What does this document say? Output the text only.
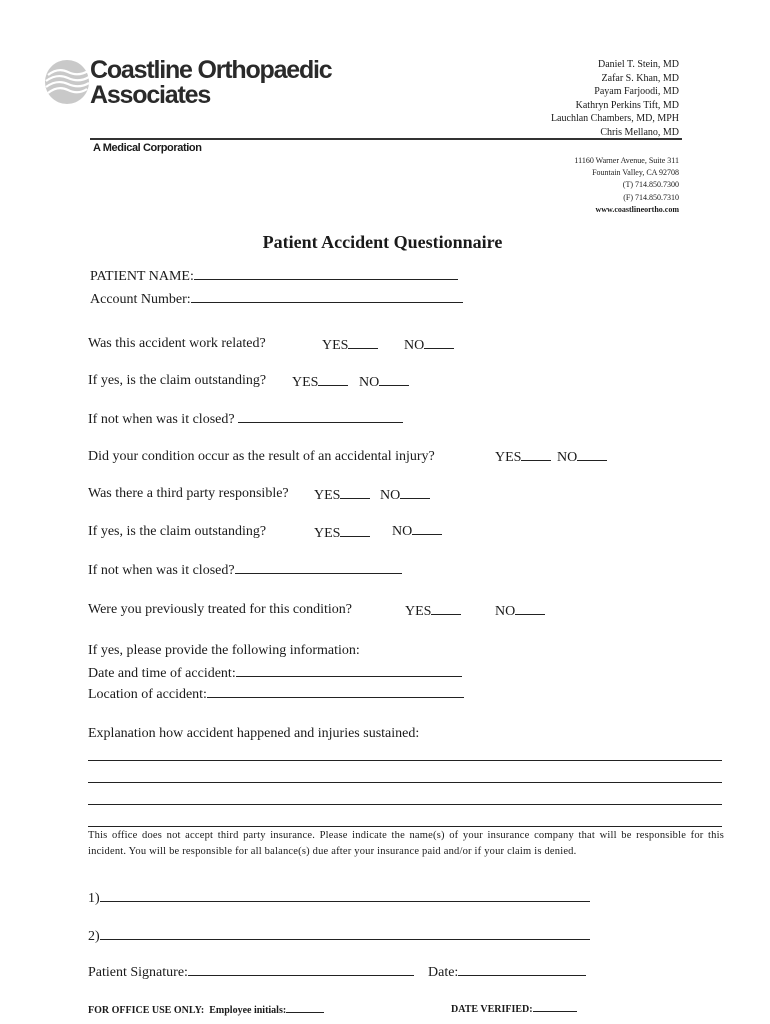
Coastline Orthopaedic
Associates
A Medical Corporation
Daniel T. Stein, MD
Zafar S. Khan, MD
Payam Farjoodi, MD
Kathryn Perkins Tift, MD
Lauchlan Chambers, MD, MPH
Chris Mellano, MD
11160 Warner Avenue, Suite 311
Fountain Valley, CA 92708
(T) 714.850.7300
(F) 714.850.7310
www.coastlineortho.com
Patient Accident Questionnaire
PATIENT NAME:
Account Number:
Was this accident work related?	YES	NO
If yes, is the claim outstanding? YES	NO
If not when was it closed?
Did your condition occur as the result of an accidental injury?	YES	NO
Was there a third party responsible? YES	NO
If yes, is the claim outstanding?	YES	NO
If not when was it closed?
Were you previously treated for this condition?	YES	NO
If yes, please provide the following information:
Date and time of accident:
Location of accident:
Explanation how accident happened and injuries sustained:
This office does not accept third party insurance. Please indicate the name(s) of your insurance company that will be responsible for this incident. You will be responsible for all balance(s) due after your insurance paid and/or if your claim is denied.
1)
2)
Patient Signature:	Date:
FOR OFFICE USE ONLY: Employee initials:	DATE VERIFIED:
